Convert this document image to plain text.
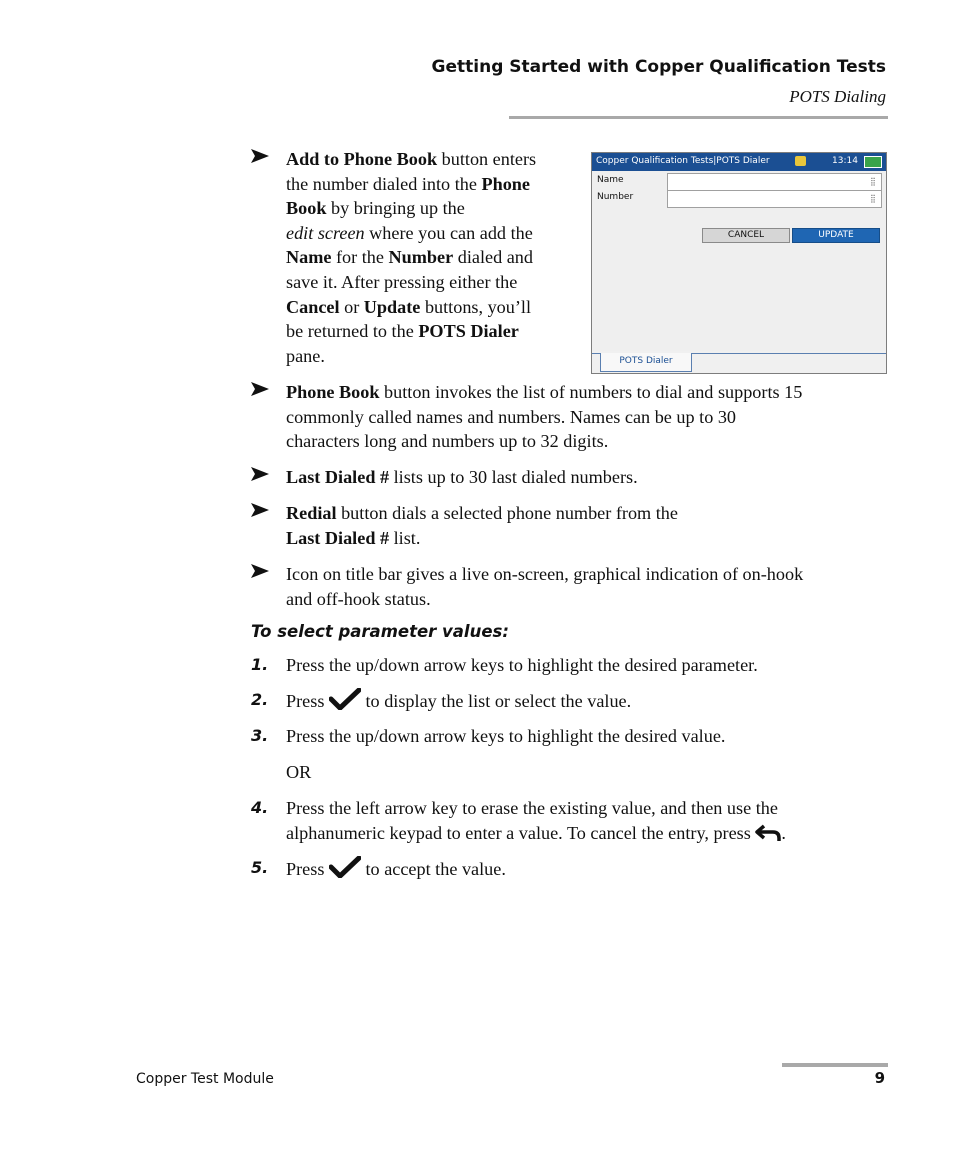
Getting Started with Copper Qualification Tests
POTS Dialing
Add to Phone Book button enters
the number dialed into the Phone
Book by bringing up the
edit screen where you can add the
Name for the Number dialed and
save it. After pressing either the
Cancel or Update buttons, you’ll
be returned to the POTS Dialer
pane.
Phone Book button invokes the list of numbers to dial and supports 15
commonly called names and numbers. Names can be up to 30
characters long and numbers up to 32 digits.
Last Dialed # lists up to 30 last dialed numbers.
Redial button dials a selected phone number from the
Last Dialed # list.
Icon on title bar gives a live on-screen, graphical indication of on-hook
and off-hook status.
Copper Qualification Tests|POTS Dialer	13:14
Name	⣿
Number	⣿
CANCEL	UPDATE
POTS Dialer
To select parameter values:
1. Press the up/down arrow keys to highlight the desired parameter.
2. Press  to display the list or select the value.
3. Press the up/down arrow keys to highlight the desired value.
OR
4. Press the left arrow key to erase the existing value, and then use the
alphanumeric keypad to enter a value. To cancel the entry, press .
5. Press  to accept the value.
Copper Test Module	9
